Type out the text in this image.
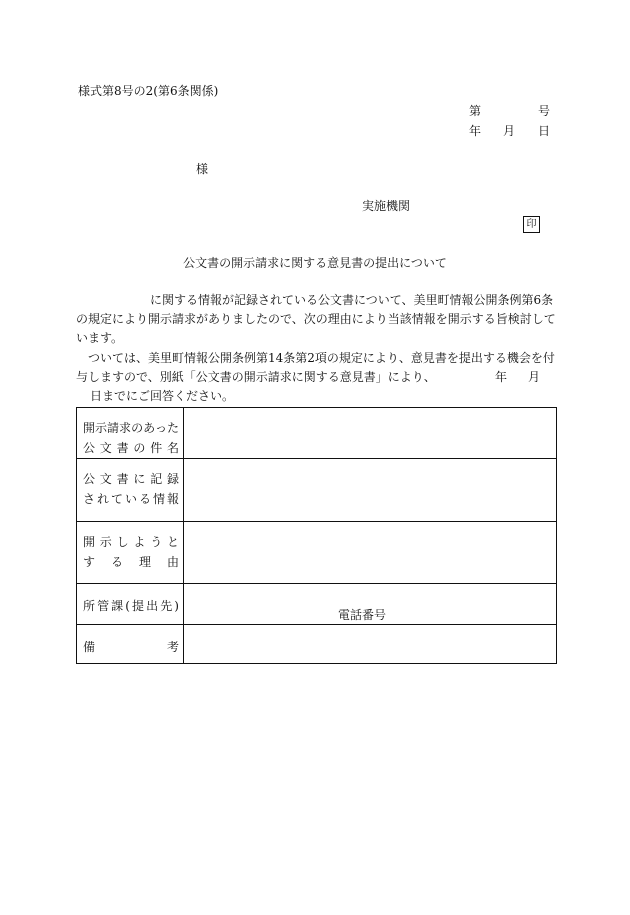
様式第8号の2(第6条関係)
第	号
年 月 日
様
実施機関
印
公文書の開示請求に関する意見書の提出について
に関する情報が記録されている公文書について、美里町情報公開条例第6条
の規定により開示請求がありましたので、次の理由により当該情報を開示する旨検討して
います。
ついては、美里町情報公開条例第14条第2項の規定により、意見書を提出する機会を付
与しますので、別紙「公文書の開示請求に関する意見書」により、	年 月
日までにご回答ください。
開示請求のあった
公文書の件名	

公文書に記録
されている情報	

開示しようと
する理由	

所管課(提出先)	電話番号

備考	
